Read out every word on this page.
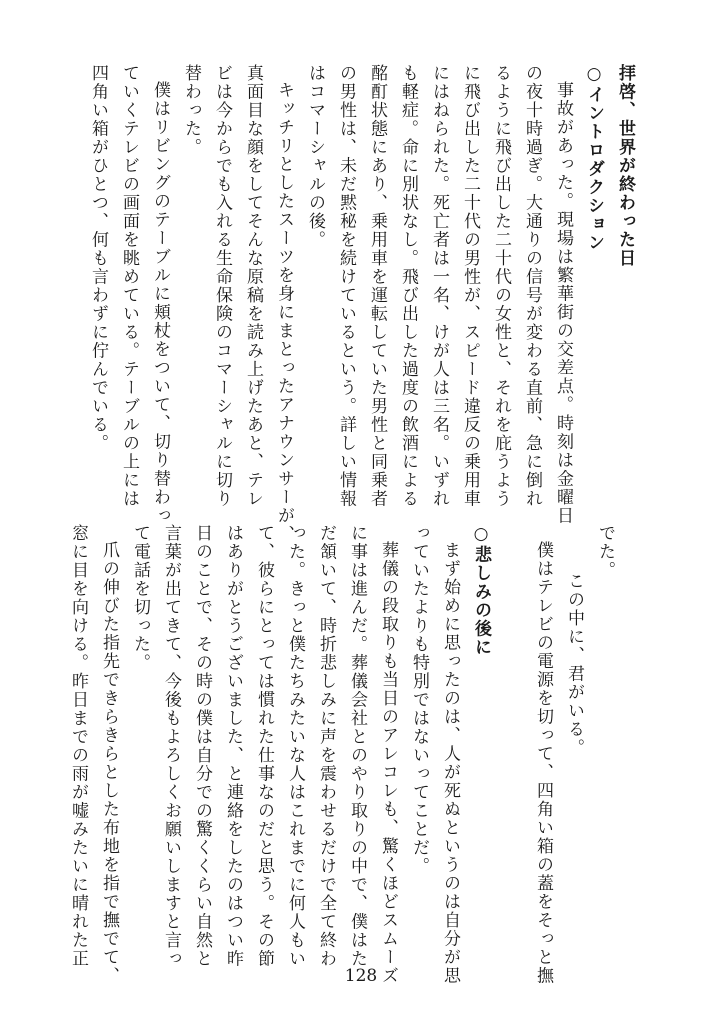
拝啓、世界が終わった日

○イントロダクション

事故があった。現場は繁華街の交差点。時刻は金曜日

の夜十時過ぎ。大通りの信号が変わる直前、急に倒れ

るように飛び出した二十代の女性と、それを庇うよう

に飛び出した二十代の男性が、スピード違反の乗用車

にはねられた。死亡者は一名、けが人は三名。いずれ

も軽症。命に別状なし。飛び出した過度の飲酒による

酩酊状態にあり、乗用車を運転していた男性と同乗者

の男性は、未だ黙秘を続けているという。詳しい情報

はコマーシャルの後。

キッチリとしたスーツを身にまとったアナウンサーが、

真面目な顔をしてそんな原稿を読み上げたあと、テレ

ビは今からでも入れる生命保険のコマーシャルに切り

替わった。

僕はリビングのテーブルに頬杖をついて、切り替わっ

ていくテレビの画面を眺めている。テーブルの上には

四角い箱がひとつ、何も言わずに佇んでいる。

でた。

この中に、君がいる。

僕はテレビの電源を切って、四角い箱の蓋をそっと撫

○悲しみの後に

まず始めに思ったのは、人が死ぬというのは自分が思

っていたよりも特別ではないってことだ。

葬儀の段取りも当日のアレコレも、驚くほどスムーズ

に事は進んだ。葬儀会社とのやり取りの中で、僕はた

だ頷いて、時折悲しみに声を震わせるだけで全て終わ

った。きっと僕たちみたいな人はこれまでに何人もい

て、彼らにとっては慣れた仕事なのだと思う。その節

はありがとうございました、と連絡をしたのはつい昨

日のことで、その時の僕は自分での驚くくらい自然と

言葉が出てきて、今後もよろしくお願いしますと言っ

て電話を切った。

爪の伸びた指先できらきらとした布地を指で撫でて、

窓に目を向ける。昨日までの雨が嘘みたいに晴れた正

128
